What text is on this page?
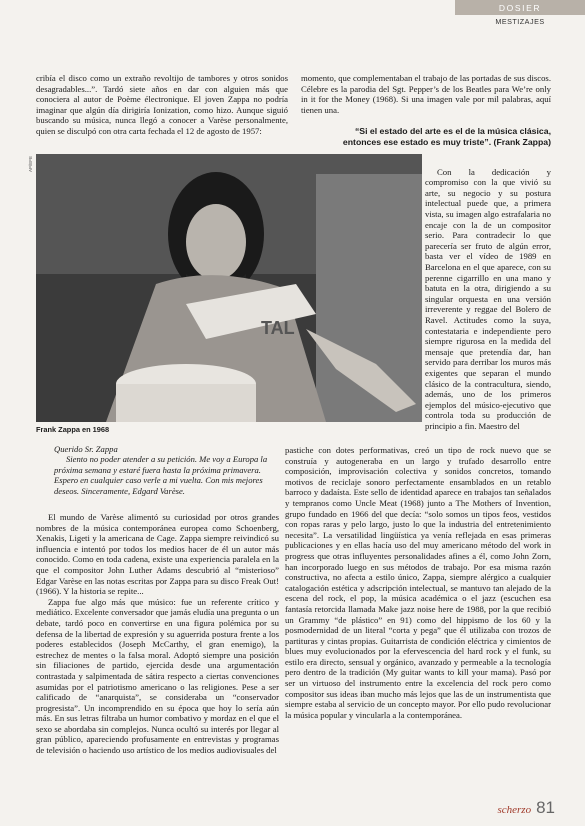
DOSIER
MESTIZAJES

cribía el disco como un extraño revoltijo de tambores y otros sonidos desagradables...”. Tardó siete años en dar con alguien más que conociera al autor de Poème électronique. El joven Zappa no podría imaginar que algún día dirigiría Ionization, como hizo. Aunque siguió buscando su música, nunca llegó a conocer a Varèse personalmente, quien se disculpó con otra carta fechada el 12 de agosto de 1957:

momento, que complementaban el trabajo de las portadas de sus discos. Célebre es la parodia del Sgt. Pepper’s de los Beatles para We’re only in it for the Money (1968). Si una imagen vale por mil palabras, aquí tienen una.

“Si el estado del arte es el de la música clásica, entonces ese estado es muy triste”. (Frank Zappa)
AP/EFE
TAL

Con la dedicación y compromiso con la que vivió su arte, su negocio y su postura intelectual puede que, a primera vista, su imagen algo estrafalaria no encaje con la de un compositor serio. Para contradecir lo que parecería ser fruto de algún error, basta ver el vídeo de 1989 en Barcelona en el que aparece, con su perenne cigarrillo en una mano y batuta en la otra, dirigiendo a su singular orquesta en una versión irreverente y reggae del Bolero de Ravel. Actitudes como la suya, contestataria e independiente pero siempre rigurosa en la medida del mensaje que pretendía dar, han servido para derribar los muros más exigentes que separan el mundo clásico de la contracultura, siendo, además, uno de los primeros ejemplos del músico-ejecutivo que controla toda su producción de principio a fin. Maestro del

Frank Zappa en 1968

Querido Sr. Zappa

Siento no poder atender a su petición. Me voy a Europa la próxima semana y estaré fuera hasta la próxima primavera. Espero en cualquier caso verle a mi vuelta. Con mis mejores deseos. Sinceramente, Edgard Varèse.

El mundo de Varèse alimentó su curiosidad por otros grandes nombres de la música contemporánea europea como Schoenberg, Xenakis, Ligeti y la americana de Cage. Zappa siempre reivindicó su influencia e intentó por todos los medios hacer de él un autor más conocido. Como en toda cadena, existe una experiencia paralela en la que el compositor John Luther Adams descubrió al “misterioso” Edgar Varèse en las notas escritas por Zappa para su disco Freak Out! (1966). Y la historia se repite...

Zappa fue algo más que músico: fue un referente crítico y mediático. Excelente conversador que jamás eludía una pregunta o un debate, tardó poco en convertirse en una figura polémica por su defensa de la libertad de expresión y su aguerrida postura frente a los poderes establecidos (Joseph McCarthy, el gran enemigo), la estrechez de mentes o la falsa moral. Adoptó siempre una posición sin filiaciones de partido, ejercida desde una argumentación contrastada y salpimentada de sátira respecto a ciertas convenciones asumidas por el patriotismo americano o las religiones. Pese a ser calificado de “anarquista”, se consideraba un “conservador progresista”. Un incomprendido en su época que hoy lo sería aún más. En sus letras filtraba un humor combativo y mordaz en el que el sexo se abordaba sin complejos. Nunca ocultó su interés por llegar al gran público, apareciendo profusamente en entrevistas y programas de televisión o haciendo uso artístico de los medios audiovisuales del

pastiche con dotes performativas, creó un tipo de rock nuevo que se construía y autogeneraba en un largo y trufado desarrollo entre composición, improvisación colectiva y sonidos concretos, tomando motivos de reciclaje sonoro perfectamente ensamblados en un retablo barroco y dadaísta. Este sello de identidad aparece en trabajos tan señalados y tempranos como Uncle Meat (1968) junto a The Mothers of Invention, grupo fundado en 1966 del que decía: “solo somos un tipos feos, vestidos con ropas raras y pelo largo, justo lo que la industria del entretenimiento necesita”. La versatilidad lingüística ya venía reflejada en esas primeras publicaciones y en ellas hacía uso del muy americano método del work in progress que otras influyentes personalidades afines a él, como John Zorn, han incorporado luego en sus métodos de trabajo. Por esa misma razón constructiva, no afecta a estilo único, Zappa, siempre alérgico a cualquier catalogación estética y adscripción intelectual, se mantuvo tan alejado de la escena del rock, el pop, la música académica o el jazz (escuchen esa fantasía retorcida llamada Make jazz noise here de 1988, por la que recibió un Grammy “de plástico” en 91) como del hippismo de los 60 y la posmodernidad de un literal “corta y pega” que él utilizaba con trozos de partituras y cintas propias. Guitarrista de condición eléctrica y cimientos de blues muy evolucionados por la efervescencia del hard rock y el funk, su estilo era directo, sensual y orgánico, avanzado y permeable a la tecnología pero dentro de la tradición (My guitar wants to kill your mama). Pasó por ser un virtuoso del instrumento entre la excelencia del rock pero como compositor sus ideas iban mucho más lejos que las de un instrumentista que siempre estaba al servicio de un concepto mayor. Por ello pudo revolucionar la música popular y vincularla a la contemporánea.

scherzo 81
